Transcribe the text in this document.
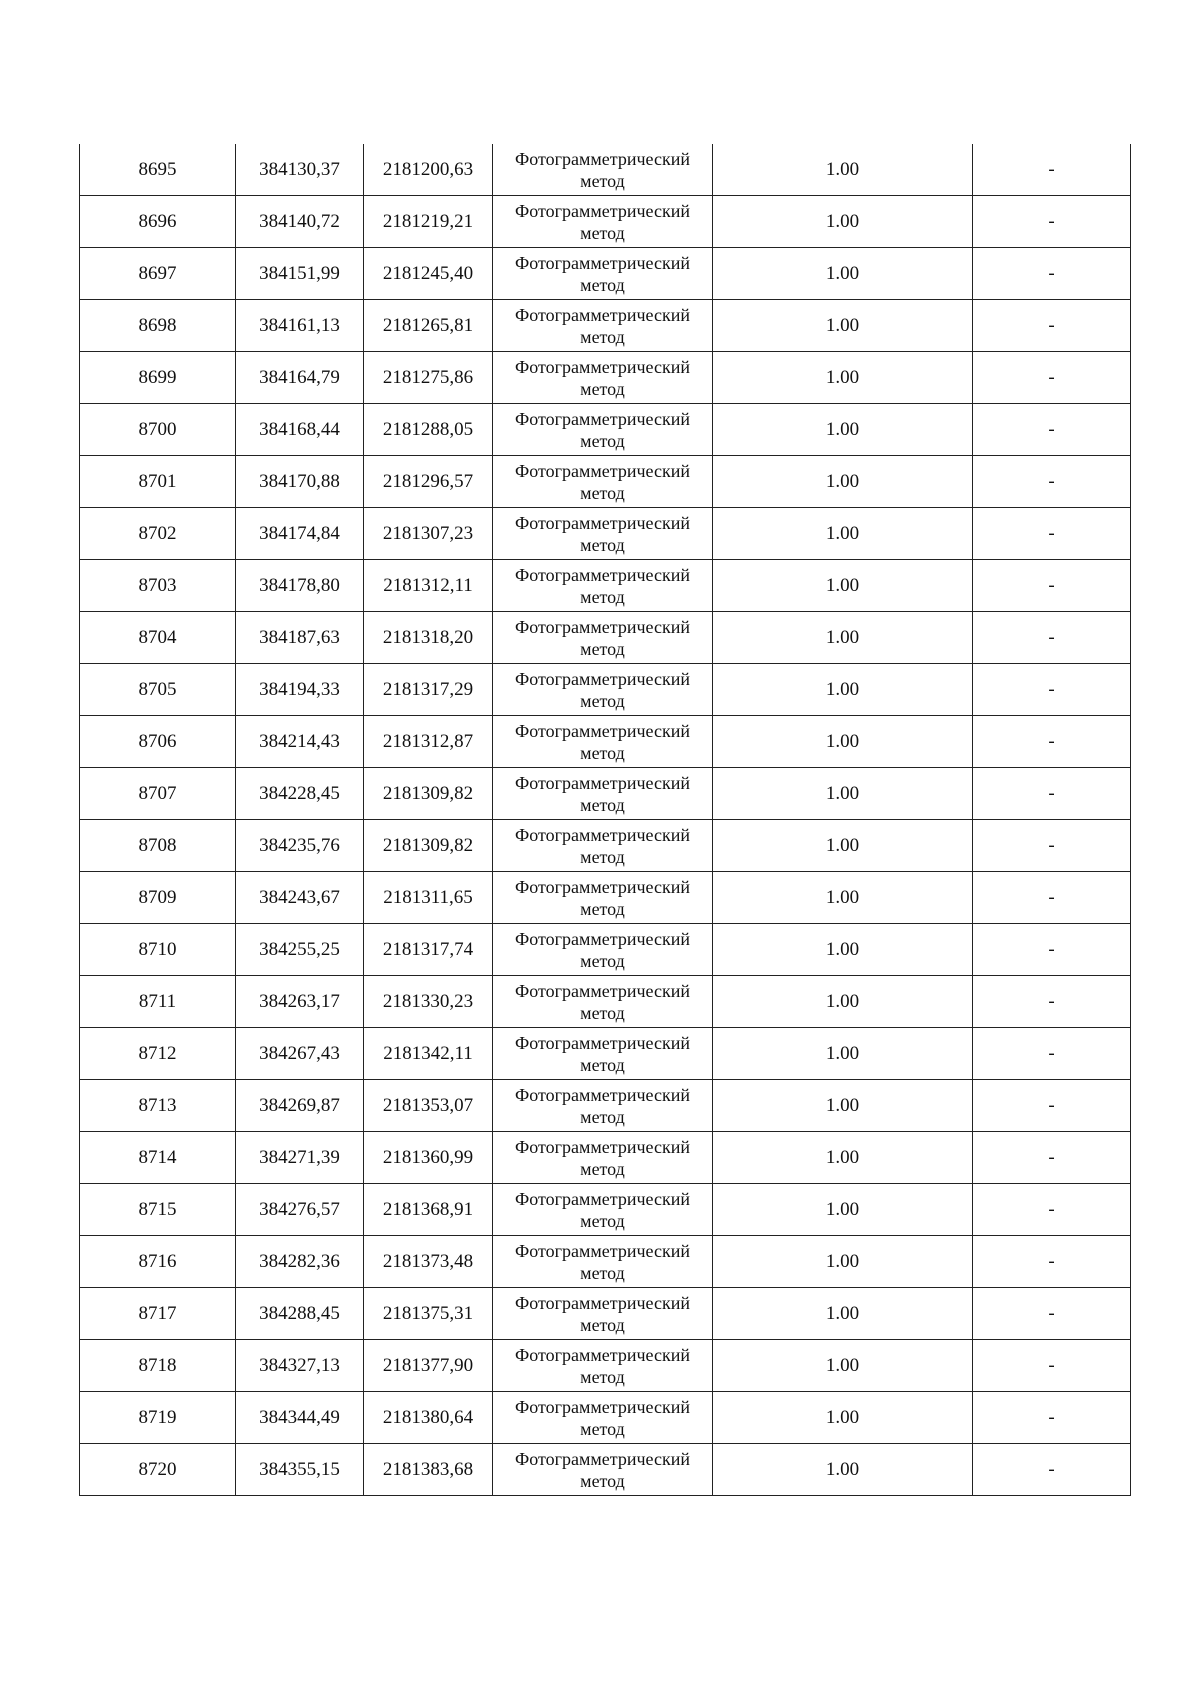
8695	384130,37	2181200,63	Фотограмметрический метод	1.00	-
8696	384140,72	2181219,21	Фотограмметрический метод	1.00	-
8697	384151,99	2181245,40	Фотограмметрический метод	1.00	-
8698	384161,13	2181265,81	Фотограмметрический метод	1.00	-
8699	384164,79	2181275,86	Фотограмметрический метод	1.00	-
8700	384168,44	2181288,05	Фотограмметрический метод	1.00	-
8701	384170,88	2181296,57	Фотограмметрический метод	1.00	-
8702	384174,84	2181307,23	Фотограмметрический метод	1.00	-
8703	384178,80	2181312,11	Фотограмметрический метод	1.00	-
8704	384187,63	2181318,20	Фотограмметрический метод	1.00	-
8705	384194,33	2181317,29	Фотограмметрический метод	1.00	-
8706	384214,43	2181312,87	Фотограмметрический метод	1.00	-
8707	384228,45	2181309,82	Фотограмметрический метод	1.00	-
8708	384235,76	2181309,82	Фотограмметрический метод	1.00	-
8709	384243,67	2181311,65	Фотограмметрический метод	1.00	-
8710	384255,25	2181317,74	Фотограмметрический метод	1.00	-
8711	384263,17	2181330,23	Фотограмметрический метод	1.00	-
8712	384267,43	2181342,11	Фотограмметрический метод	1.00	-
8713	384269,87	2181353,07	Фотограмметрический метод	1.00	-
8714	384271,39	2181360,99	Фотограмметрический метод	1.00	-
8715	384276,57	2181368,91	Фотограмметрический метод	1.00	-
8716	384282,36	2181373,48	Фотограмметрический метод	1.00	-
8717	384288,45	2181375,31	Фотограмметрический метод	1.00	-
8718	384327,13	2181377,90	Фотограмметрический метод	1.00	-
8719	384344,49	2181380,64	Фотограмметрический метод	1.00	-
8720	384355,15	2181383,68	Фотограмметрический метод	1.00	-
